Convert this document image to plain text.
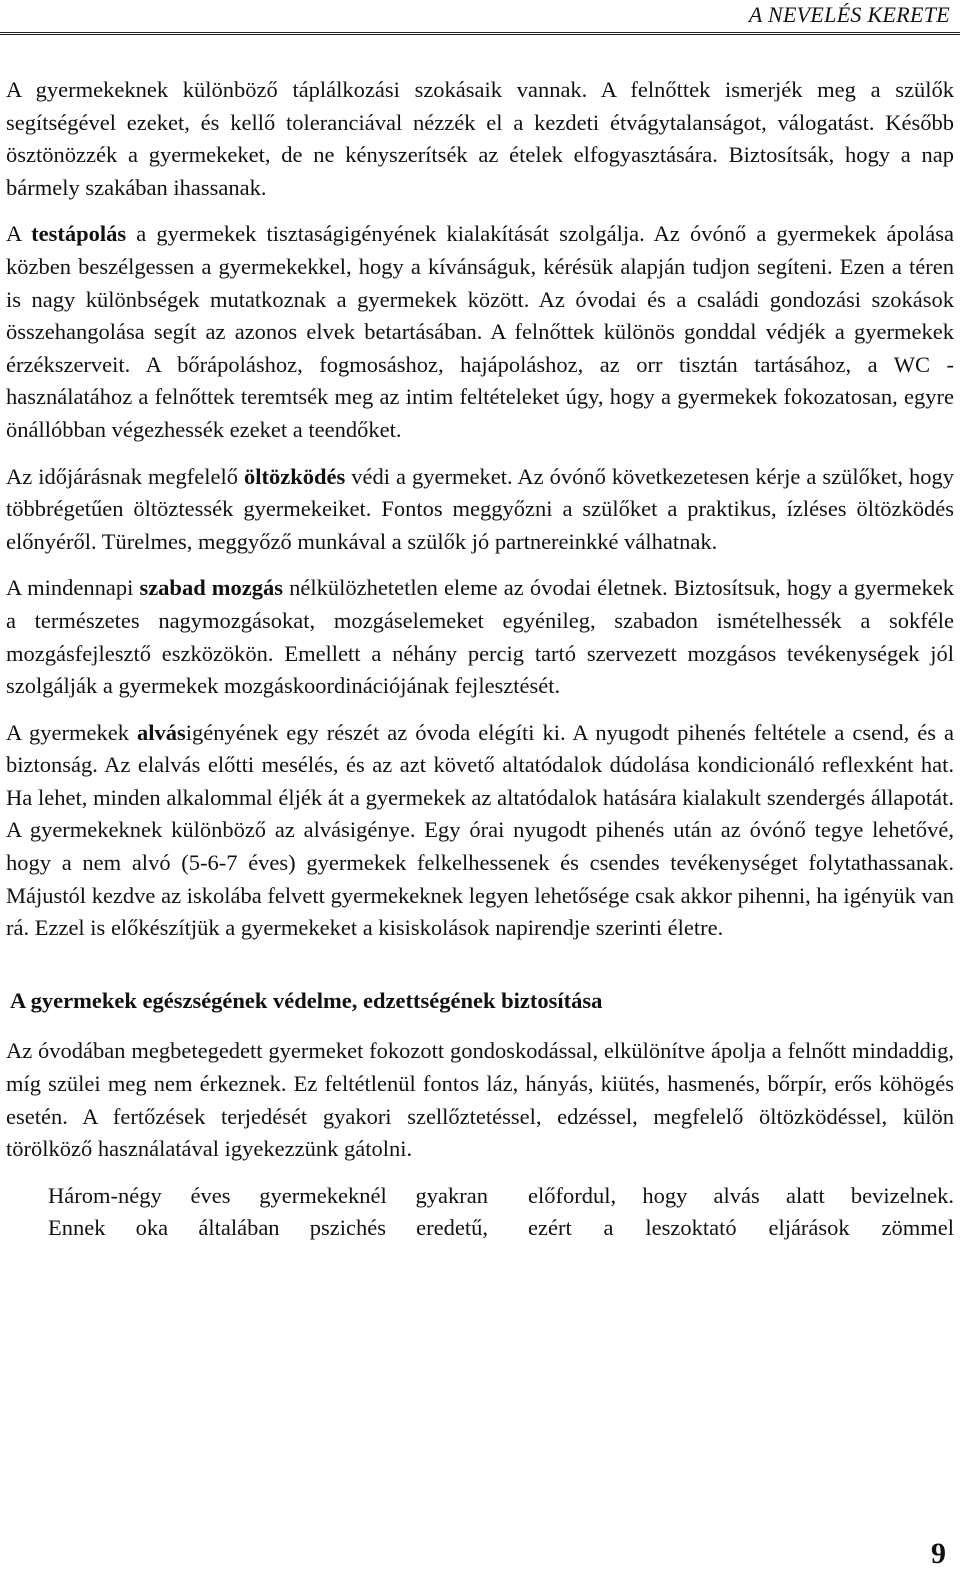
A NEVELÉS KERETE

A gyermekeknek különböző táplálkozási szokásaik vannak. A felnőttek ismerjék meg a szülők segítségével ezeket, és kellő toleranciával nézzék el a kezdeti étvágytalanságot, válogatást. Később ösztönözzék a gyermekeket, de ne kényszerítsék az ételek elfogyasztására. Biztosítsák, hogy a nap bármely szakában ihassanak.

A testápolás a gyermekek tisztaságigényének kialakítását szolgálja. Az óvónő a gyermekek ápolása közben beszélgessen a gyermekekkel, hogy a kívánságuk, kérésük alapján tudjon segíteni. Ezen a téren is nagy különbségek mutatkoznak a gyermekek között. Az óvodai és a családi gondozási szokások összehangolása segít az azonos elvek betartásában. A felnőttek különös gonddal védjék a gyermekek érzékszerveit. A bőrápoláshoz, fogmosáshoz, hajápoláshoz, az orr tisztán tartásához, a WC - használatához a felnőttek teremtsék meg az intim feltételeket úgy, hogy a gyermekek fokozatosan, egyre önállóbban végezhessék ezeket a teendőket.

Az időjárásnak megfelelő öltözködés védi a gyermeket. Az óvónő következetesen kérje a szülőket, hogy többrégetűen öltöztessék gyermekeiket. Fontos meggyőzni a szülőket a praktikus, ízléses öltözködés előnyéről. Türelmes, meggyőző munkával a szülők jó partnereinkké válhatnak.

A mindennapi szabad mozgás nélkülözhetetlen eleme az óvodai életnek. Biztosítsuk, hogy a gyermekek a természetes nagymozgásokat, mozgáselemeket egyénileg, szabadon ismételhessék a sokféle mozgásfejlesztő eszközökön. Emellett a néhány percig tartó szervezett mozgásos tevékenységek jól szolgálják a gyermekek mozgáskoordinációjának fejlesztését.

A gyermekek alvásigényének egy részét az óvoda elégíti ki. A nyugodt pihenés feltétele a csend, és a biztonság. Az elalvás előtti mesélés, és az azt követő altatódalok dúdolása kondicionáló reflexként hat. Ha lehet, minden alkalommal éljék át a gyermekek az altatódalok hatására kialakult szendergés állapotát. A gyermekeknek különböző az alvásigénye. Egy órai nyugodt pihenés után az óvónő tegye lehetővé, hogy a nem alvó (5-6-7 éves) gyermekek felkelhessenek és csendes tevékenységet folytathassanak. Májustól kezdve az iskolába felvett gyermekeknek legyen lehetősége csak akkor pihenni, ha igényük van rá. Ezzel is előkészítjük a gyermekeket a kisiskolások napirendje szerinti életre.

A gyermekek egészségének védelme, edzettségének biztosítása

Az óvodában megbetegedett gyermeket fokozott gondoskodással, elkülönítve ápolja a felnőtt mindaddig, míg szülei meg nem érkeznek. Ez feltétlenül fontos láz, hányás, kiütés, hasmenés, bőrpír, erős köhögés esetén. A fertőzések terjedését gyakori szellőztetéssel, edzéssel, megfelelő öltözködéssel, külön törölköző használatával igyekezzünk gátolni.

Három-négy éves gyermekeknél gyakran
Ennek oka általában pszichés eredetű,
előfordul, hogy alvás alatt bevizelnek.
ezért a leszoktató eljárások zömmel
9
